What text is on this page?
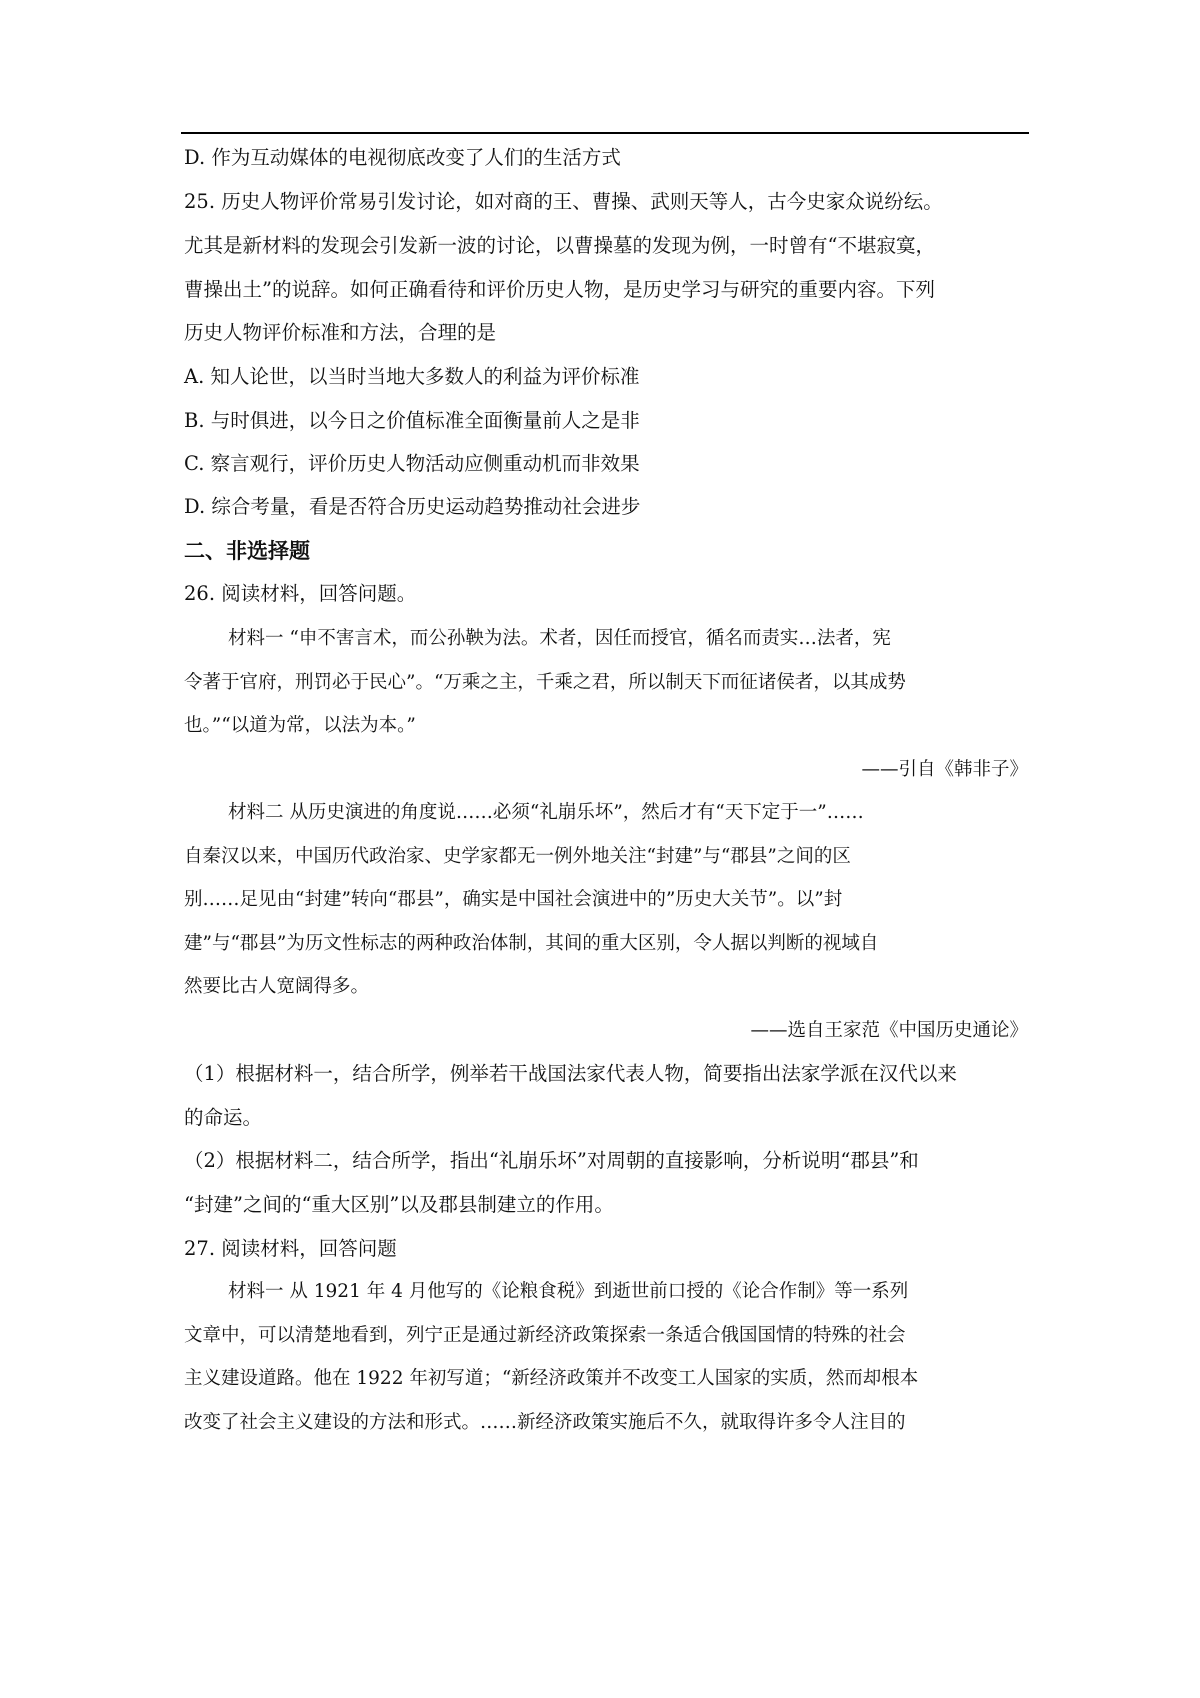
D. 作为互动媒体的电视彻底改变了人们的生活方式
25. 历史人物评价常易引发讨论，如对商的王、曹操、武则天等人，古今史家众说纷纭。
尤其是新材料的发现会引发新一波的讨论，以曹操墓的发现为例，一时曾有“不堪寂寞，
曹操出土”的说辞。如何正确看待和评价历史人物，是历史学习与研究的重要内容。下列
历史人物评价标准和方法，合理的是
A. 知人论世，以当时当地大多数人的利益为评价标准
B. 与时俱进，以今日之价值标准全面衡量前人之是非
C. 察言观行，评价历史人物活动应侧重动机而非效果
D. 综合考量，看是否符合历史运动趋势推动社会进步
二、非选择题
26. 阅读材料，回答问题。
材料一 “申不害言术，而公孙鞅为法。术者，因任而授官，循名而责实…法者，宪
令著于官府，刑罚必于民心”。“万乘之主，千乘之君，所以制天下而征诸侯者，以其成势
也。”“以道为常，以法为本。”
——引自《韩非子》
材料二 从历史演进的角度说……必须“礼崩乐坏”，然后才有“天下定于一”……
自秦汉以来，中国历代政治家、史学家都无一例外地关注“封建”与“郡县”之间的区
别……足见由“封建”转向“郡县”，确实是中国社会演进中的”历史大关节”。以”封
建”与“郡县”为历文性标志的两种政治体制，其间的重大区别，令人据以判断的视域自
然要比古人宽阔得多。
——选自王家范《中国历史通论》
（1）根据材料一，结合所学，例举若干战国法家代表人物，简要指出法家学派在汉代以来
的命运。
（2）根据材料二，结合所学，指出“礼崩乐坏”对周朝的直接影响，分析说明“郡县”和
“封建”之间的“重大区别”以及郡县制建立的作用。
27. 阅读材料，回答问题
材料一 从 1921 年 4 月他写的《论粮食税》到逝世前口授的《论合作制》等一系列
文章中，可以清楚地看到，列宁正是通过新经济政策探索一条适合俄国国情的特殊的社会
主义建设道路。他在 1922 年初写道；“新经济政策并不改变工人国家的实质，然而却根本
改变了社会主义建设的方法和形式。……新经济政策实施后不久，就取得许多令人注目的
